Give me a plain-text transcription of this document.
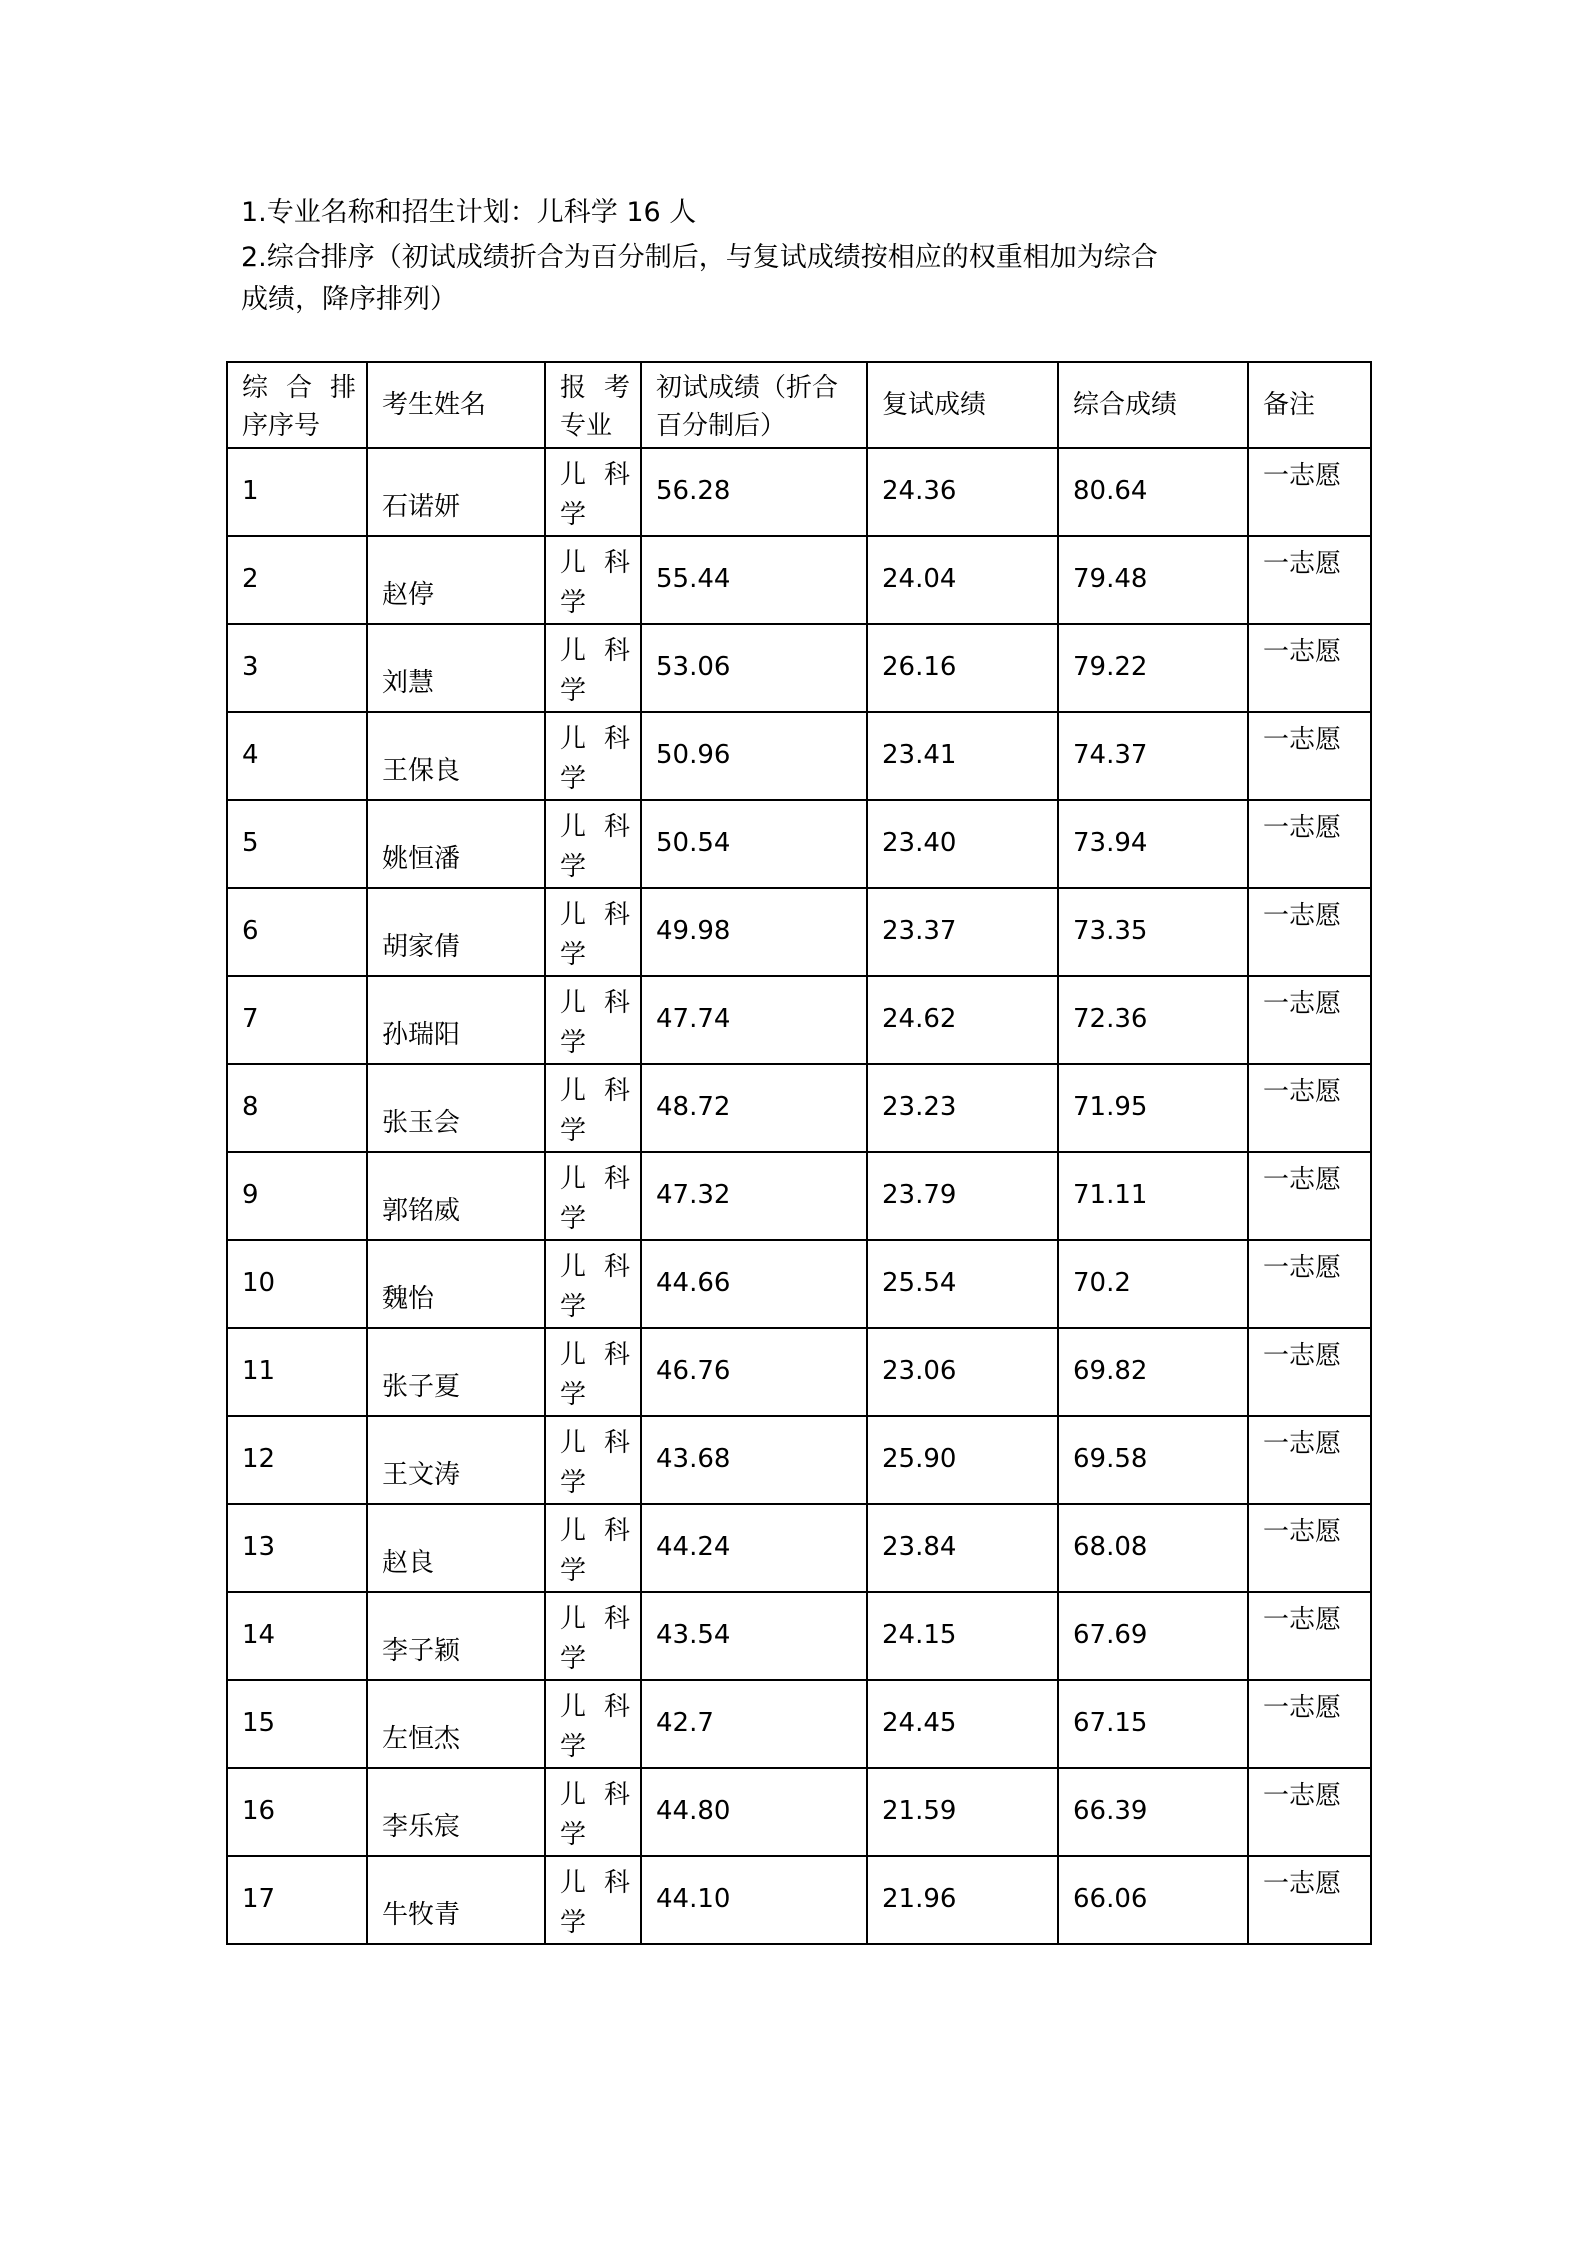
1.专业名称和招生计划：儿科学 16 人

2.综合排序（初试成绩折合为百分制后，与复试成绩按相应的权重相加为综合

成绩，降序排列）

综 合 排
序序号	考生姓名	报 考
专业	初试成绩（折合
百分制后）	复试成绩	综合成绩	备注

1	石诺妍	儿 科
学	56.28	24.36	80.64	一志愿

2	赵停	儿 科
学	55.44	24.04	79.48	一志愿

3	刘慧	儿 科
学	53.06	26.16	79.22	一志愿

4	王保良	儿 科
学	50.96	23.41	74.37	一志愿

5	姚恒潘	儿 科
学	50.54	23.40	73.94	一志愿

6	胡家倩	儿 科
学	49.98	23.37	73.35	一志愿

7	孙瑞阳	儿 科
学	47.74	24.62	72.36	一志愿

8	张玉会	儿 科
学	48.72	23.23	71.95	一志愿

9	郭铭威	儿 科
学	47.32	23.79	71.11	一志愿

10	魏怡	儿 科
学	44.66	25.54	70.2	一志愿

11	张子夏	儿 科
学	46.76	23.06	69.82	一志愿

12	王文涛	儿 科
学	43.68	25.90	69.58	一志愿

13	赵良	儿 科
学	44.24	23.84	68.08	一志愿

14	李子颖	儿 科
学	43.54	24.15	67.69	一志愿

15	左恒杰	儿 科
学	42.7	24.45	67.15	一志愿

16	李乐宸	儿 科
学	44.80	21.59	66.39	一志愿

17	牛牧青	儿 科
学	44.10	21.96	66.06	一志愿
